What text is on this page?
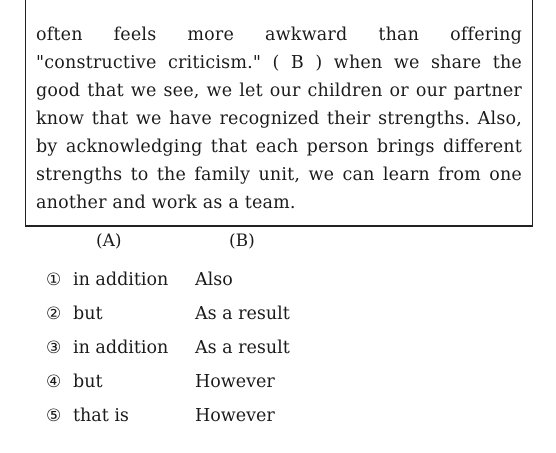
often feels more awkward than offering "constructive criticism." ( B ) when we share the good that we see, we let our children or our partner know that we have recognized their strengths. Also, by acknowledging that each person brings different strengths to the family unit, we can learn from one another and work as a team.
(A)	(B)
① in addition	Also
② but	As a result
③ in addition	As a result
④ but	However
⑤ that is	However
